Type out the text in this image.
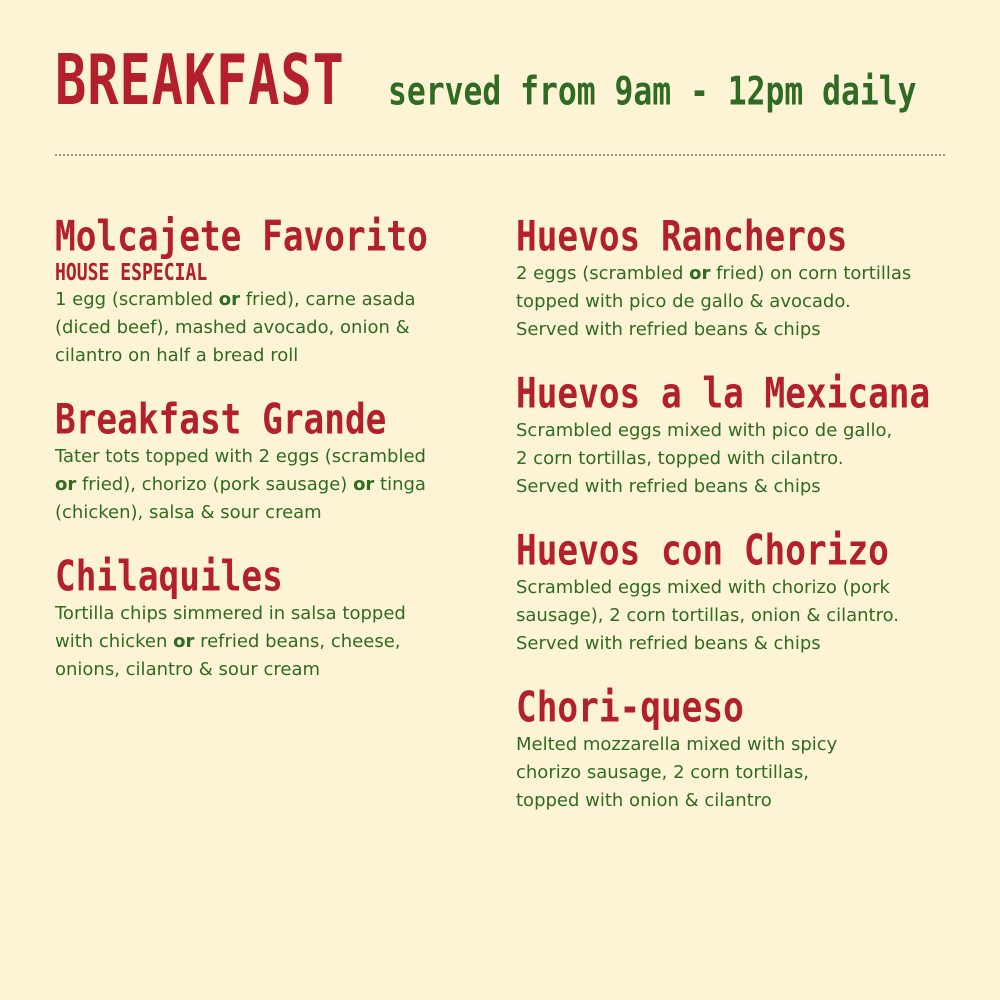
BREAKFAST served from 9am - 12pm daily
Molcajete Favorito
HOUSE ESPECIAL
1 egg (scrambled or fried), carne asada
(diced beef), mashed avocado, onion &
cilantro on half a bread roll
Breakfast Grande
Tater tots topped with 2 eggs (scrambled
or fried), chorizo (pork sausage) or tinga
(chicken), salsa & sour cream
Chilaquiles
Tortilla chips simmered in salsa topped
with chicken or refried beans, cheese,
onions, cilantro & sour cream
Huevos Rancheros
2 eggs (scrambled or fried) on corn tortillas
topped with pico de gallo & avocado.
Served with refried beans & chips
Huevos a la Mexicana
Scrambled eggs mixed with pico de gallo,
2 corn tortillas, topped with cilantro.
Served with refried beans & chips
Huevos con Chorizo
Scrambled eggs mixed with chorizo (pork
sausage), 2 corn tortillas, onion & cilantro.
Served with refried beans & chips
Chori-queso
Melted mozzarella mixed with spicy
chorizo sausage, 2 corn tortillas,
topped with onion & cilantro
